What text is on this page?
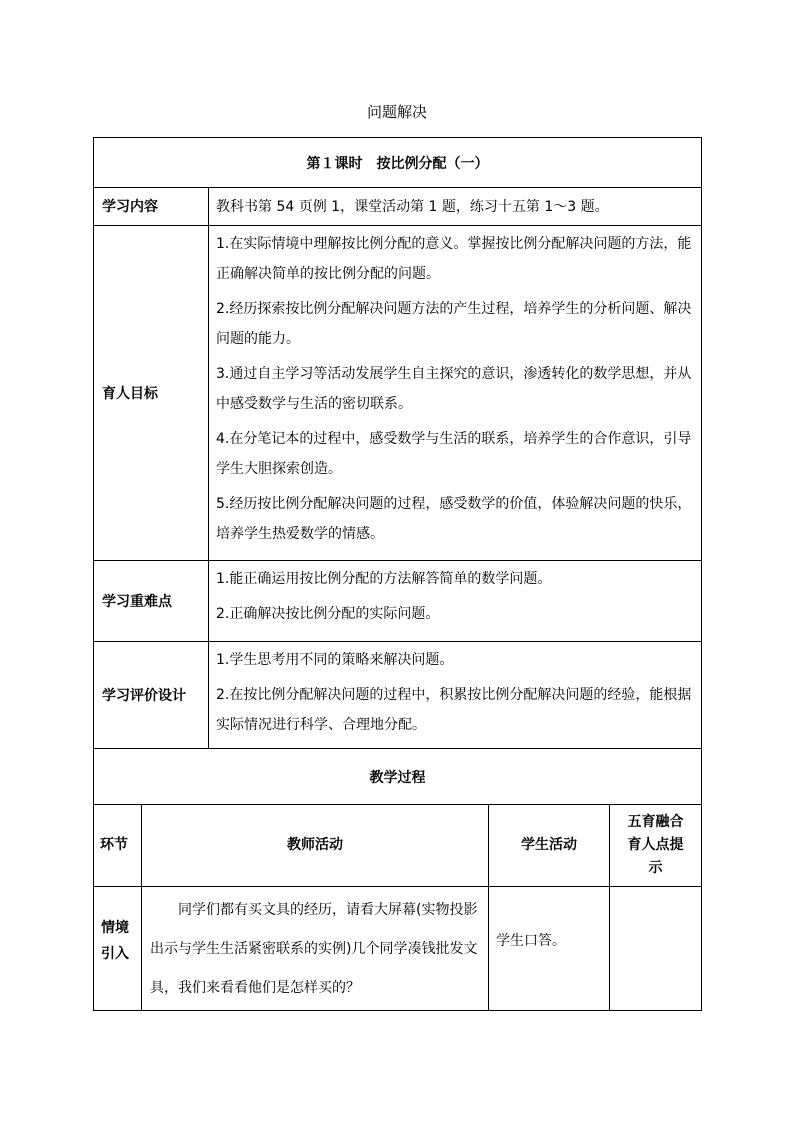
问题解决
第１课时　按比例分配（一）				
学习内容		教科书第 54 页例 1，课堂活动第 1 题，练习十五第 1～3 题。		
育人目标		1.在实际情境中理解按比例分配的意义。掌握按比例分配解决问题的方法，能正确解决简单的按比例分配的问题。

2.经历探索按比例分配解决问题方法的产生过程，培养学生的分析问题、解决问题的能力。

3.通过自主学习等活动发展学生自主探究的意识，渗透转化的数学思想，并从中感受数学与生活的密切联系。

4.在分笔记本的过程中，感受数学与生活的联系，培养学生的合作意识，引导学生大胆探索创造。

5.经历按比例分配解决问题的过程，感受数学的价值，体验解决问题的快乐，培养学生热爱数学的情感。		

学习重难点		1.能正确运用按比例分配的方法解答简单的数学问题。

2.正确解决按比例分配的实际问题。		

学习评价设计		1.学生思考用不同的策略来解决问题。

2.在按比例分配解决问题的过程中，积累按比例分配解决问题的经验，能根据实际情况进行科学、合理地分配。		

教学过程				
环节	教师活动		学生活动	五育融合育人点提示
情境引入	同学们都有买文具的经历，请看大屏幕(实物投影出示与学生生活紧密联系的实例)几个同学凑钱批发文具，我们来看看他们是怎样买的？		学生口答。	
